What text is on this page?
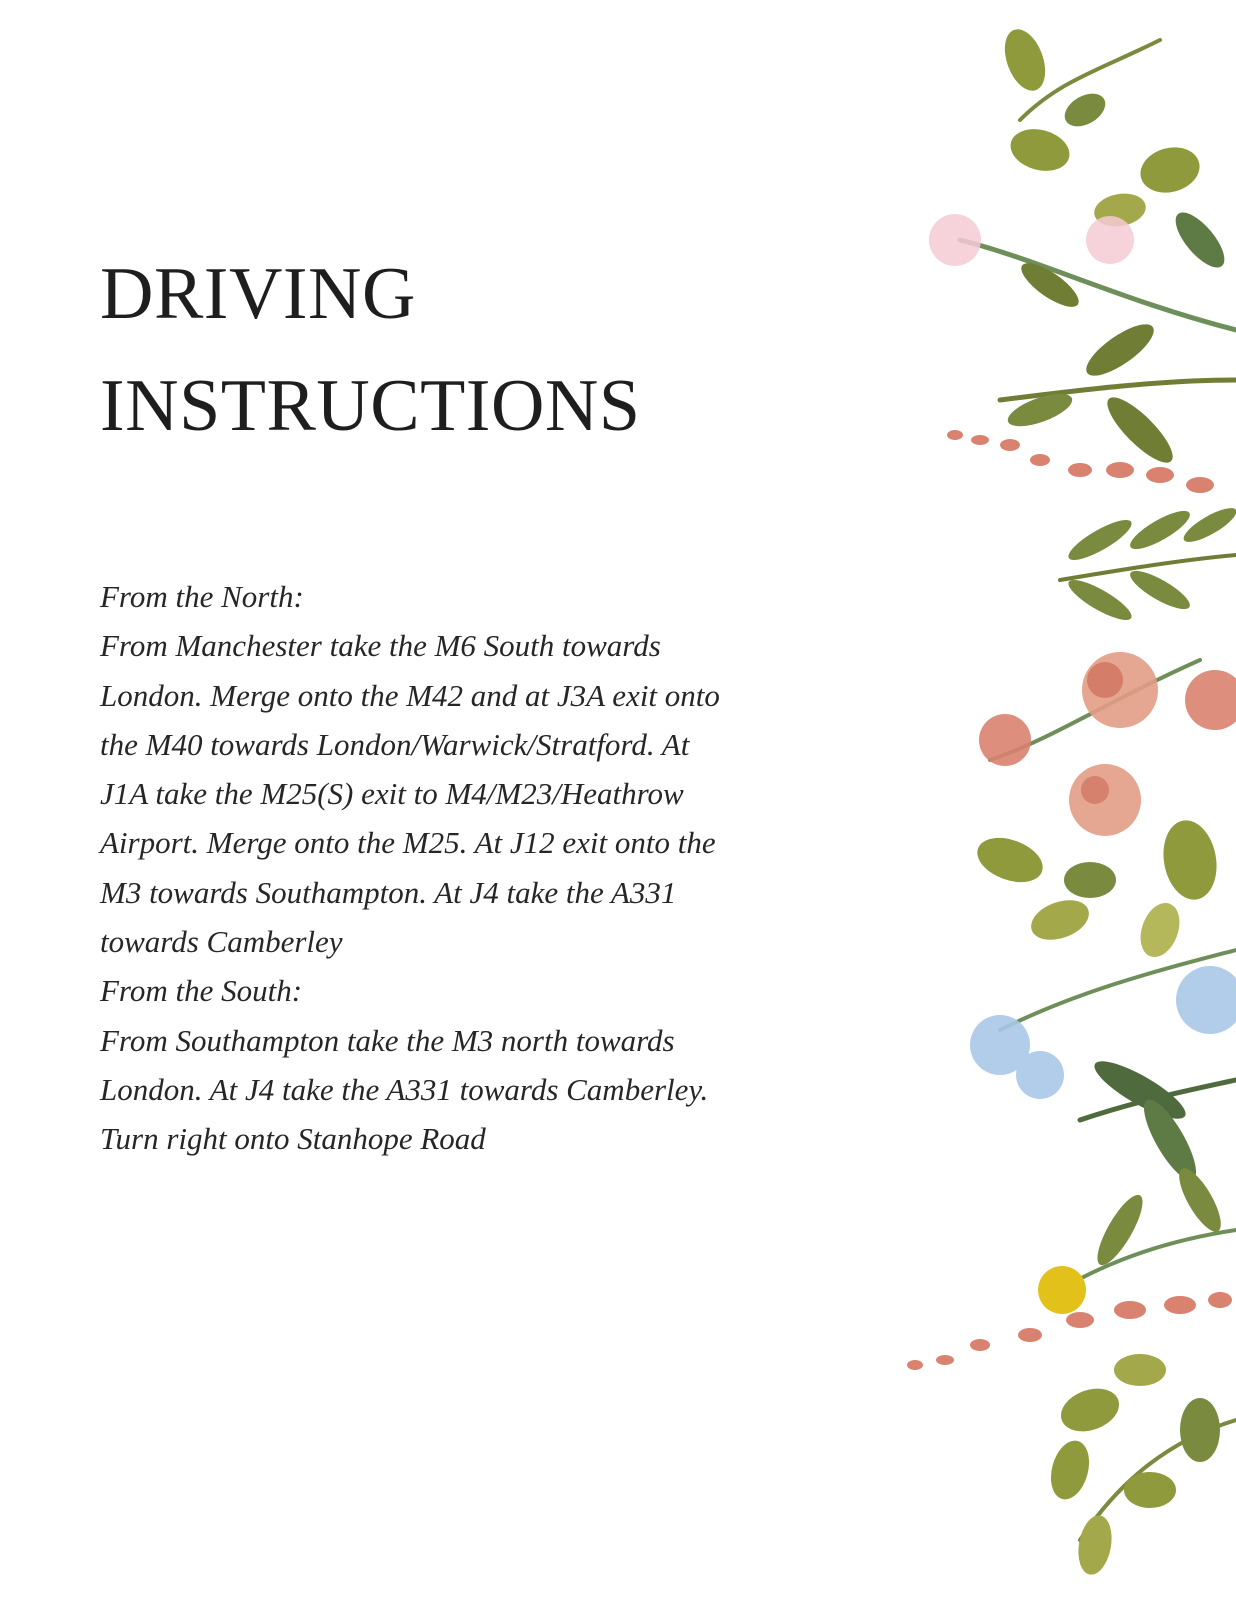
DRIVING
INSTRUCTIONS

From the North:

From Manchester take the M6 South towards

London. Merge onto the M42 and at J3A exit onto

the M40 towards London/Warwick/Stratford. At

J1A take the M25(S) exit to M4/M23/Heathrow

Airport. Merge onto the M25. At J12 exit onto the

M3 towards Southampton. At J4 take the A331

towards Camberley

From the South:

From Southampton take the M3 north towards

London. At J4 take the A331 towards Camberley.

Turn right onto Stanhope Road
